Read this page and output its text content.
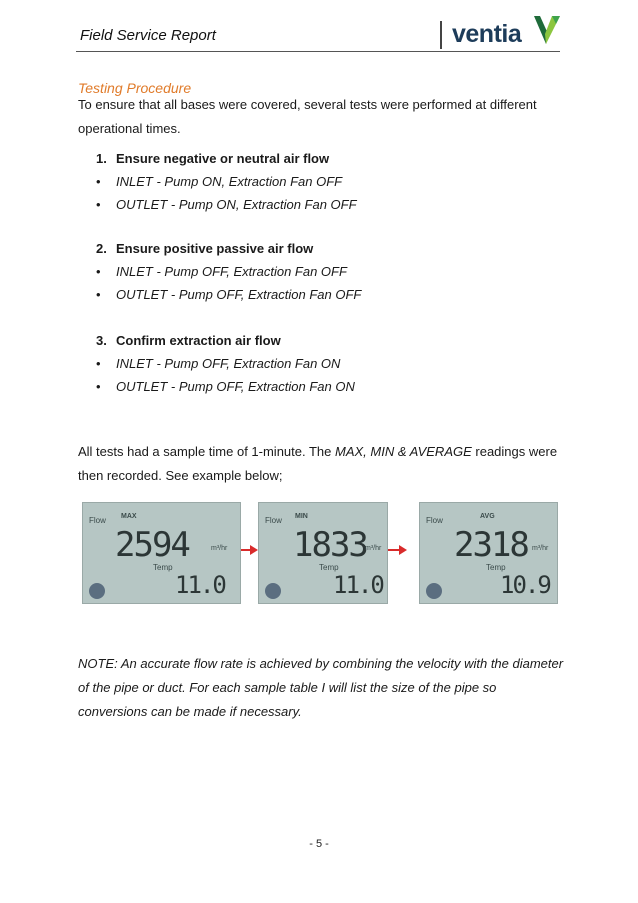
Field Service Report	ventia
Testing Procedure
To ensure that all bases were covered, several tests were performed at different
operational times.
1. Ensure negative or neutral air flow
• INLET - Pump ON, Extraction Fan OFF
• OUTLET - Pump ON, Extraction Fan OFF
2. Ensure positive passive air flow
• INLET - Pump OFF, Extraction Fan OFF
• OUTLET - Pump OFF, Extraction Fan OFF
3. Confirm extraction air flow
• INLET - Pump OFF, Extraction Fan ON
• OUTLET - Pump OFF, Extraction Fan ON
All tests had a sample time of 1-minute. The MAX, MIN & AVERAGE readings were
then recorded. See example below;
Flow MAX
2594	m³/hr
Temp
11.0
Flow MIN
1833
m³/hr
Temp
11.0
Flow	AVG
2318 m³/hr
Temp
10.9
NOTE: An accurate flow rate is achieved by combining the velocity with the diameter
of the pipe or duct. For each sample table I will list the size of the pipe so
conversions can be made if necessary.
- 5 -
